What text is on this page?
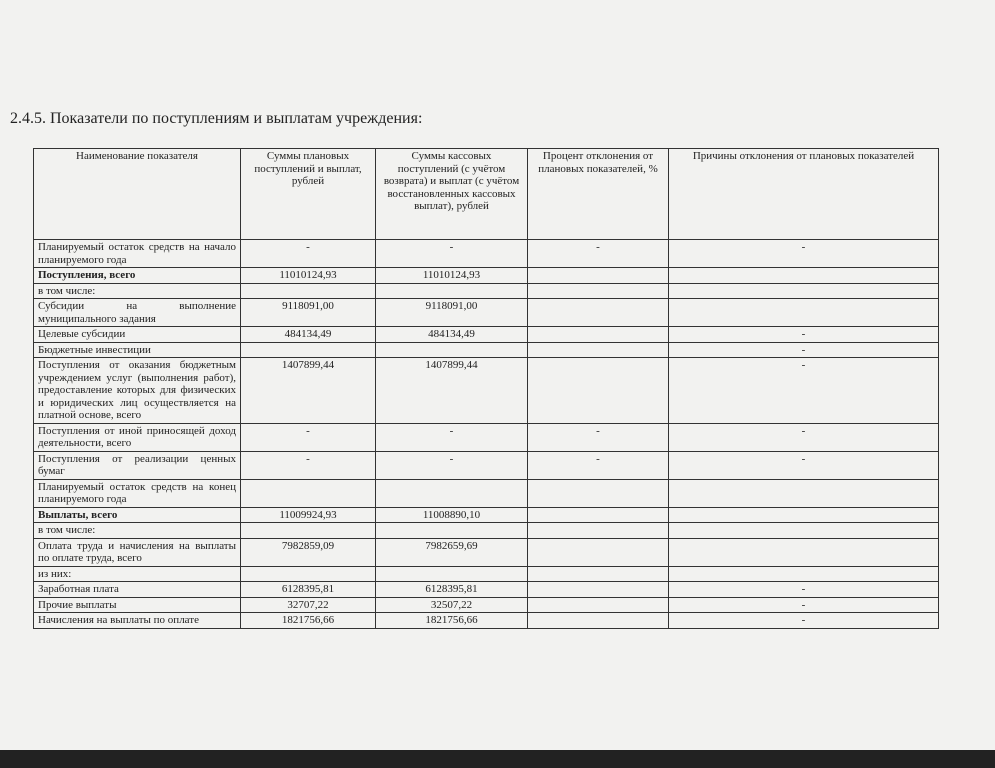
2.4.5. Показатели по поступлениям и выплатам учреждения:
Наименование показателя	Суммы плановых поступлений и выплат, рублей	Суммы кассовых поступлений (с учётом возврата) и выплат (с учётом восстановленных кассовых выплат), рублей	Процент отклонения от плановых показателей, %	Причины отклонения от плановых показателей
Планируемый остаток средств на начало планируемого года	-	-	-	-
Поступления, всего	11010124,93	11010124,93		
в том числе:				
Субсидии на выполнение муниципального задания	9118091,00	9118091,00		
Целевые субсидии	484134,49	484134,49		-
Бюджетные инвестиции				-
Поступления от оказания бюджетным учреждением услуг (выполнения работ), предоставление которых для физических и юридических лиц осуществляется на платной основе, всего	1407899,44	1407899,44		-
Поступления от иной приносящей доход деятельности, всего	-	-	-	-
Поступления от реализации ценных бумаг	-	-	-	-
Планируемый остаток средств на конец планируемого года				
Выплаты, всего	11009924,93	11008890,10		
в том числе:				
Оплата труда и начисления на выплаты по оплате труда, всего	7982859,09	7982659,69		
из них:				
Заработная плата	6128395,81	6128395,81		-
Прочие выплаты	32707,22	32507,22		-
Начисления на выплаты по оплате	1821756,66	1821756,66		-
